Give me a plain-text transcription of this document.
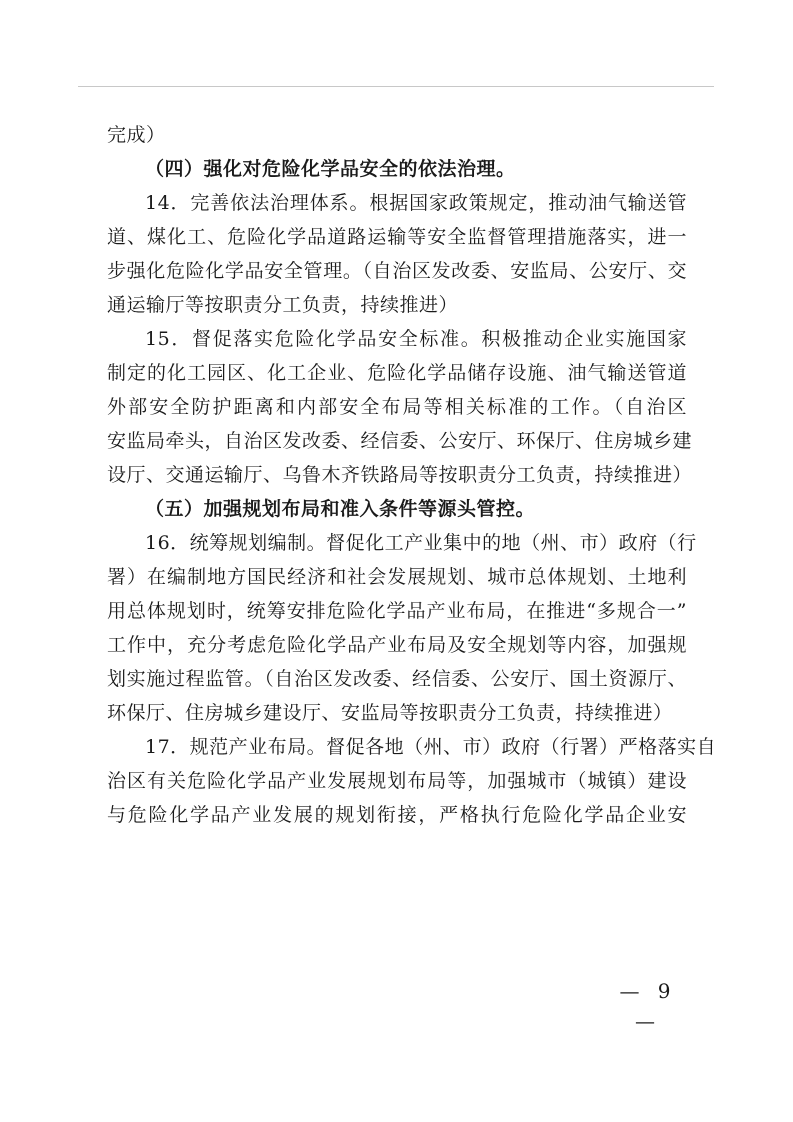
完成）
（四）强化对危险化学品安全的依法治理。
14．完善依法治理体系。根据国家政策规定，推动油气输送管
道、煤化工、危险化学品道路运输等安全监督管理措施落实，进一
步强化危险化学品安全管理。（自治区发改委、安监局、公安厅、交
通运输厅等按职责分工负责，持续推进）
15．督促落实危险化学品安全标准。积极推动企业实施国家
制定的化工园区、化工企业、危险化学品储存设施、油气输送管道
外部安全防护距离和内部安全布局等相关标准的工作。（自治区
安监局牵头，自治区发改委、经信委、公安厅、环保厅、住房城乡建
设厅、交通运输厅、乌鲁木齐铁路局等按职责分工负责，持续推进）
（五）加强规划布局和准入条件等源头管控。
16．统筹规划编制。督促化工产业集中的地（州、市）政府（行
署）在编制地方国民经济和社会发展规划、城市总体规划、土地利
用总体规划时，统筹安排危险化学品产业布局，在推进“多规合一”
工作中，充分考虑危险化学品产业布局及安全规划等内容，加强规
划实施过程监管。（自治区发改委、经信委、公安厅、国土资源厅、
环保厅、住房城乡建设厅、安监局等按职责分工负责，持续推进）
17．规范产业布局。督促各地（州、市）政府（行署）严格落实自
治区有关危险化学品产业发展规划布局等，加强城市（城镇）建设
与危险化学品产业发展的规划衔接，严格执行危险化学品企业安
— 9 —
